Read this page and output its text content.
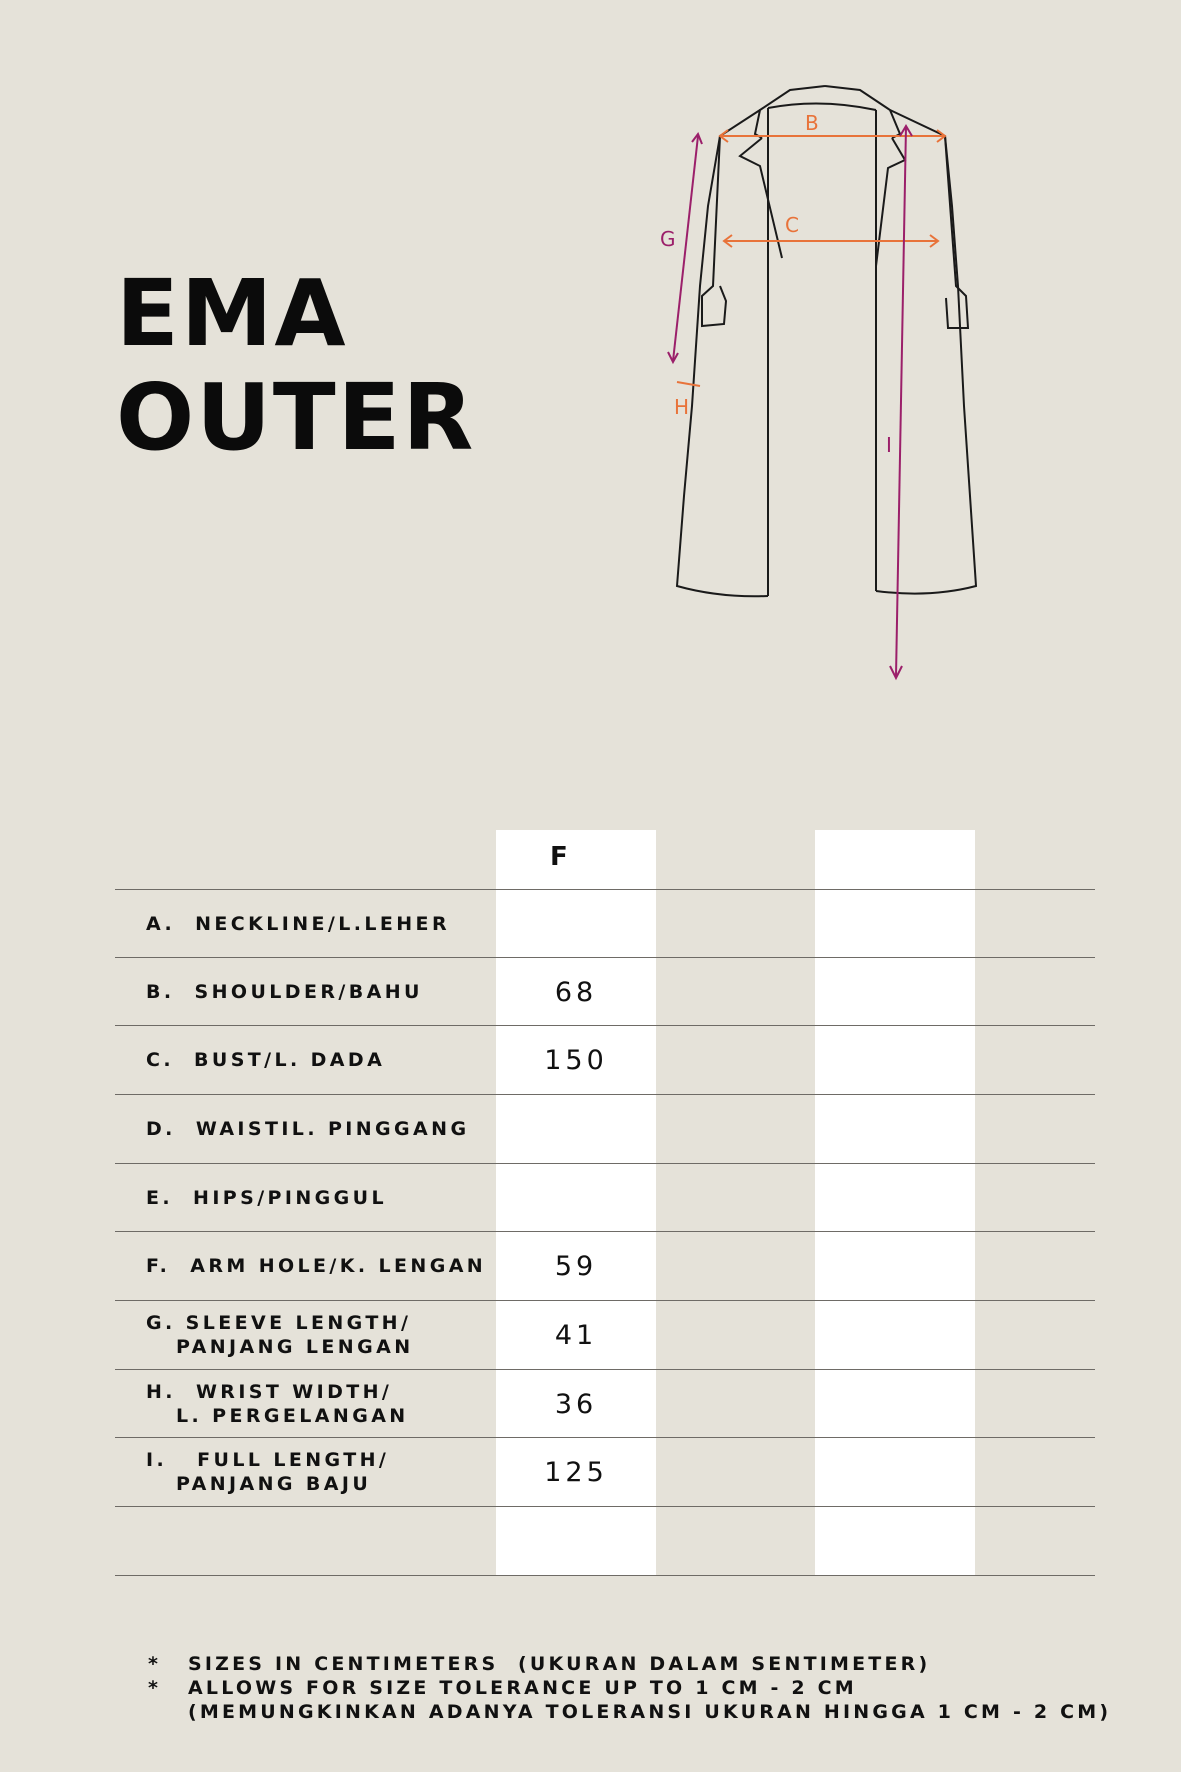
EMA
OUTER
B
C
H
G
I
F
A.  NECKLINE/L.LEHER
B.  SHOULDER/BAHU	68
C.  BUST/L. DADA	150
D.  WAISTIL. PINGGANG
E.  HIPS/PINGGUL
F.  ARM HOLE/K. LENGAN	59
G. SLEEVE LENGTH/
PANJANG LENGAN	41
H.  WRIST WIDTH/
L. PERGELANGAN	36
I.   FULL LENGTH/
PANJANG BAJU	125
*	SIZES IN CENTIMETERS  (UKURAN DALAM SENTIMETER)
*	ALLOWS FOR SIZE TOLERANCE UP TO 1 CM - 2 CM
(MEMUNGKINKAN ADANYA TOLERANSI UKURAN HINGGA 1 CM - 2 CM)
